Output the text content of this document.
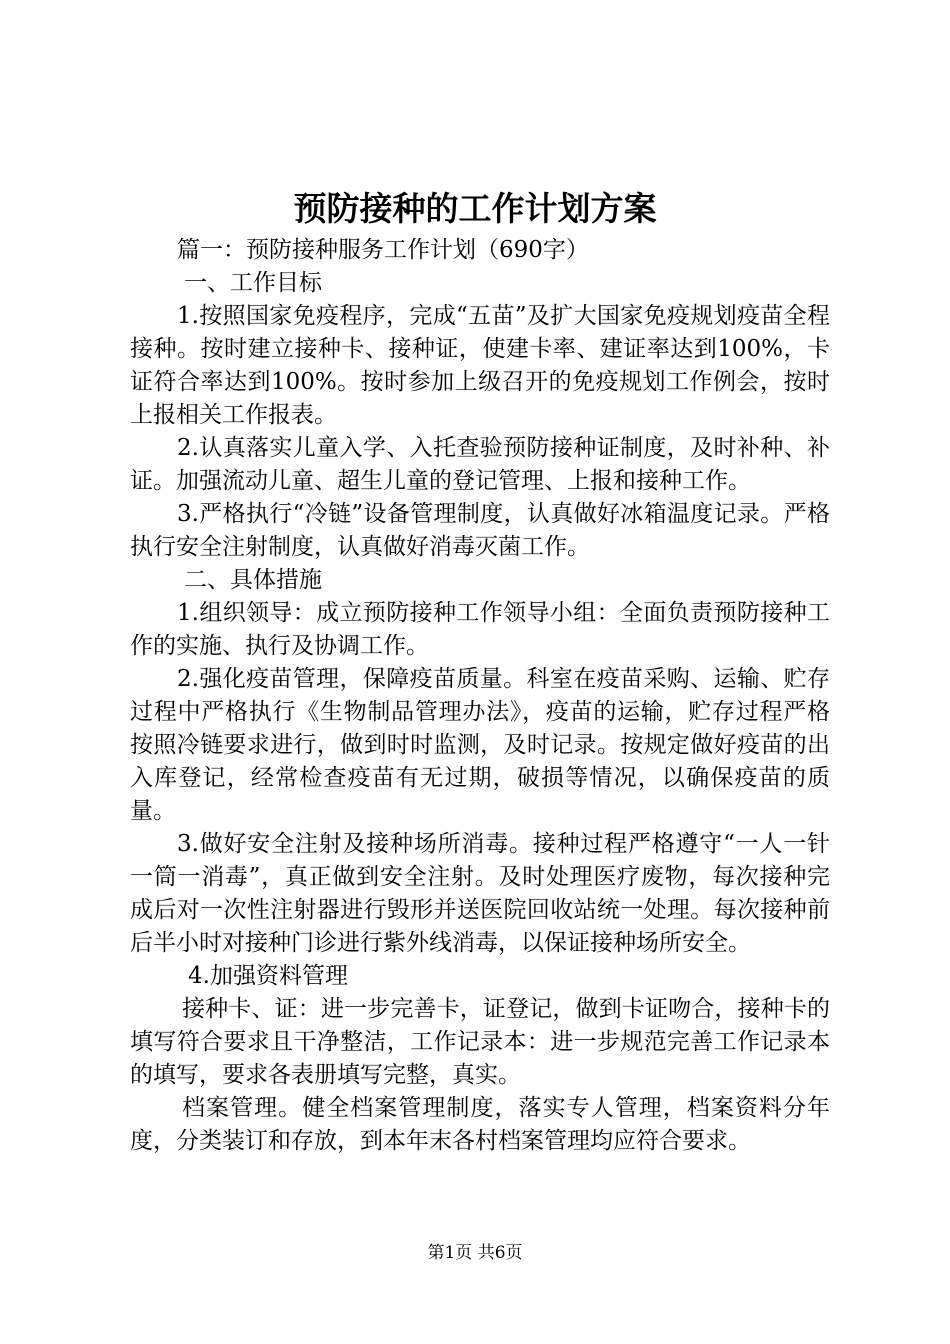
预防接种的工作计划方案

篇一：预防接种服务工作计划（690字）

一、工作目标

1.按照国家免疫程序，完成“五苗”及扩大国家免疫规划疫苗全程接种。按时建立接种卡、接种证，使建卡率、建证率达到100%，卡证符合率达到100%。按时参加上级召开的免疫规划工作例会，按时上报相关工作报表。

2.认真落实儿童入学、入托查验预防接种证制度，及时补种、补证。加强流动儿童、超生儿童的登记管理、上报和接种工作。

3.严格执行“冷链”设备管理制度，认真做好冰箱温度记录。严格执行安全注射制度，认真做好消毒灭菌工作。

二、具体措施

1.组织领导：成立预防接种工作领导小组：全面负责预防接种工作的实施、执行及协调工作。

2.强化疫苗管理，保障疫苗质量。科室在疫苗采购、运输、贮存过程中严格执行《生物制品管理办法》，疫苗的运输，贮存过程严格按照冷链要求进行，做到时时监测，及时记录。按规定做好疫苗的出入库登记，经常检查疫苗有无过期，破损等情况，以确保疫苗的质量。

3.做好安全注射及接种场所消毒。接种过程严格遵守“一人一针一筒一消毒”，真正做到安全注射。及时处理医疗废物，每次接种完成后对一次性注射器进行毁形并送医院回收站统一处理。每次接种前后半小时对接种门诊进行紫外线消毒，以保证接种场所安全。

4.加强资料管理

接种卡、证：进一步完善卡，证登记，做到卡证吻合，接种卡的填写符合要求且干净整洁，工作记录本：进一步规范完善工作记录本的填写，要求各表册填写完整，真实。

档案管理。健全档案管理制度，落实专人管理，档案资料分年度，分类装订和存放，到本年末各村档案管理均应符合要求。

第1页 共6页
